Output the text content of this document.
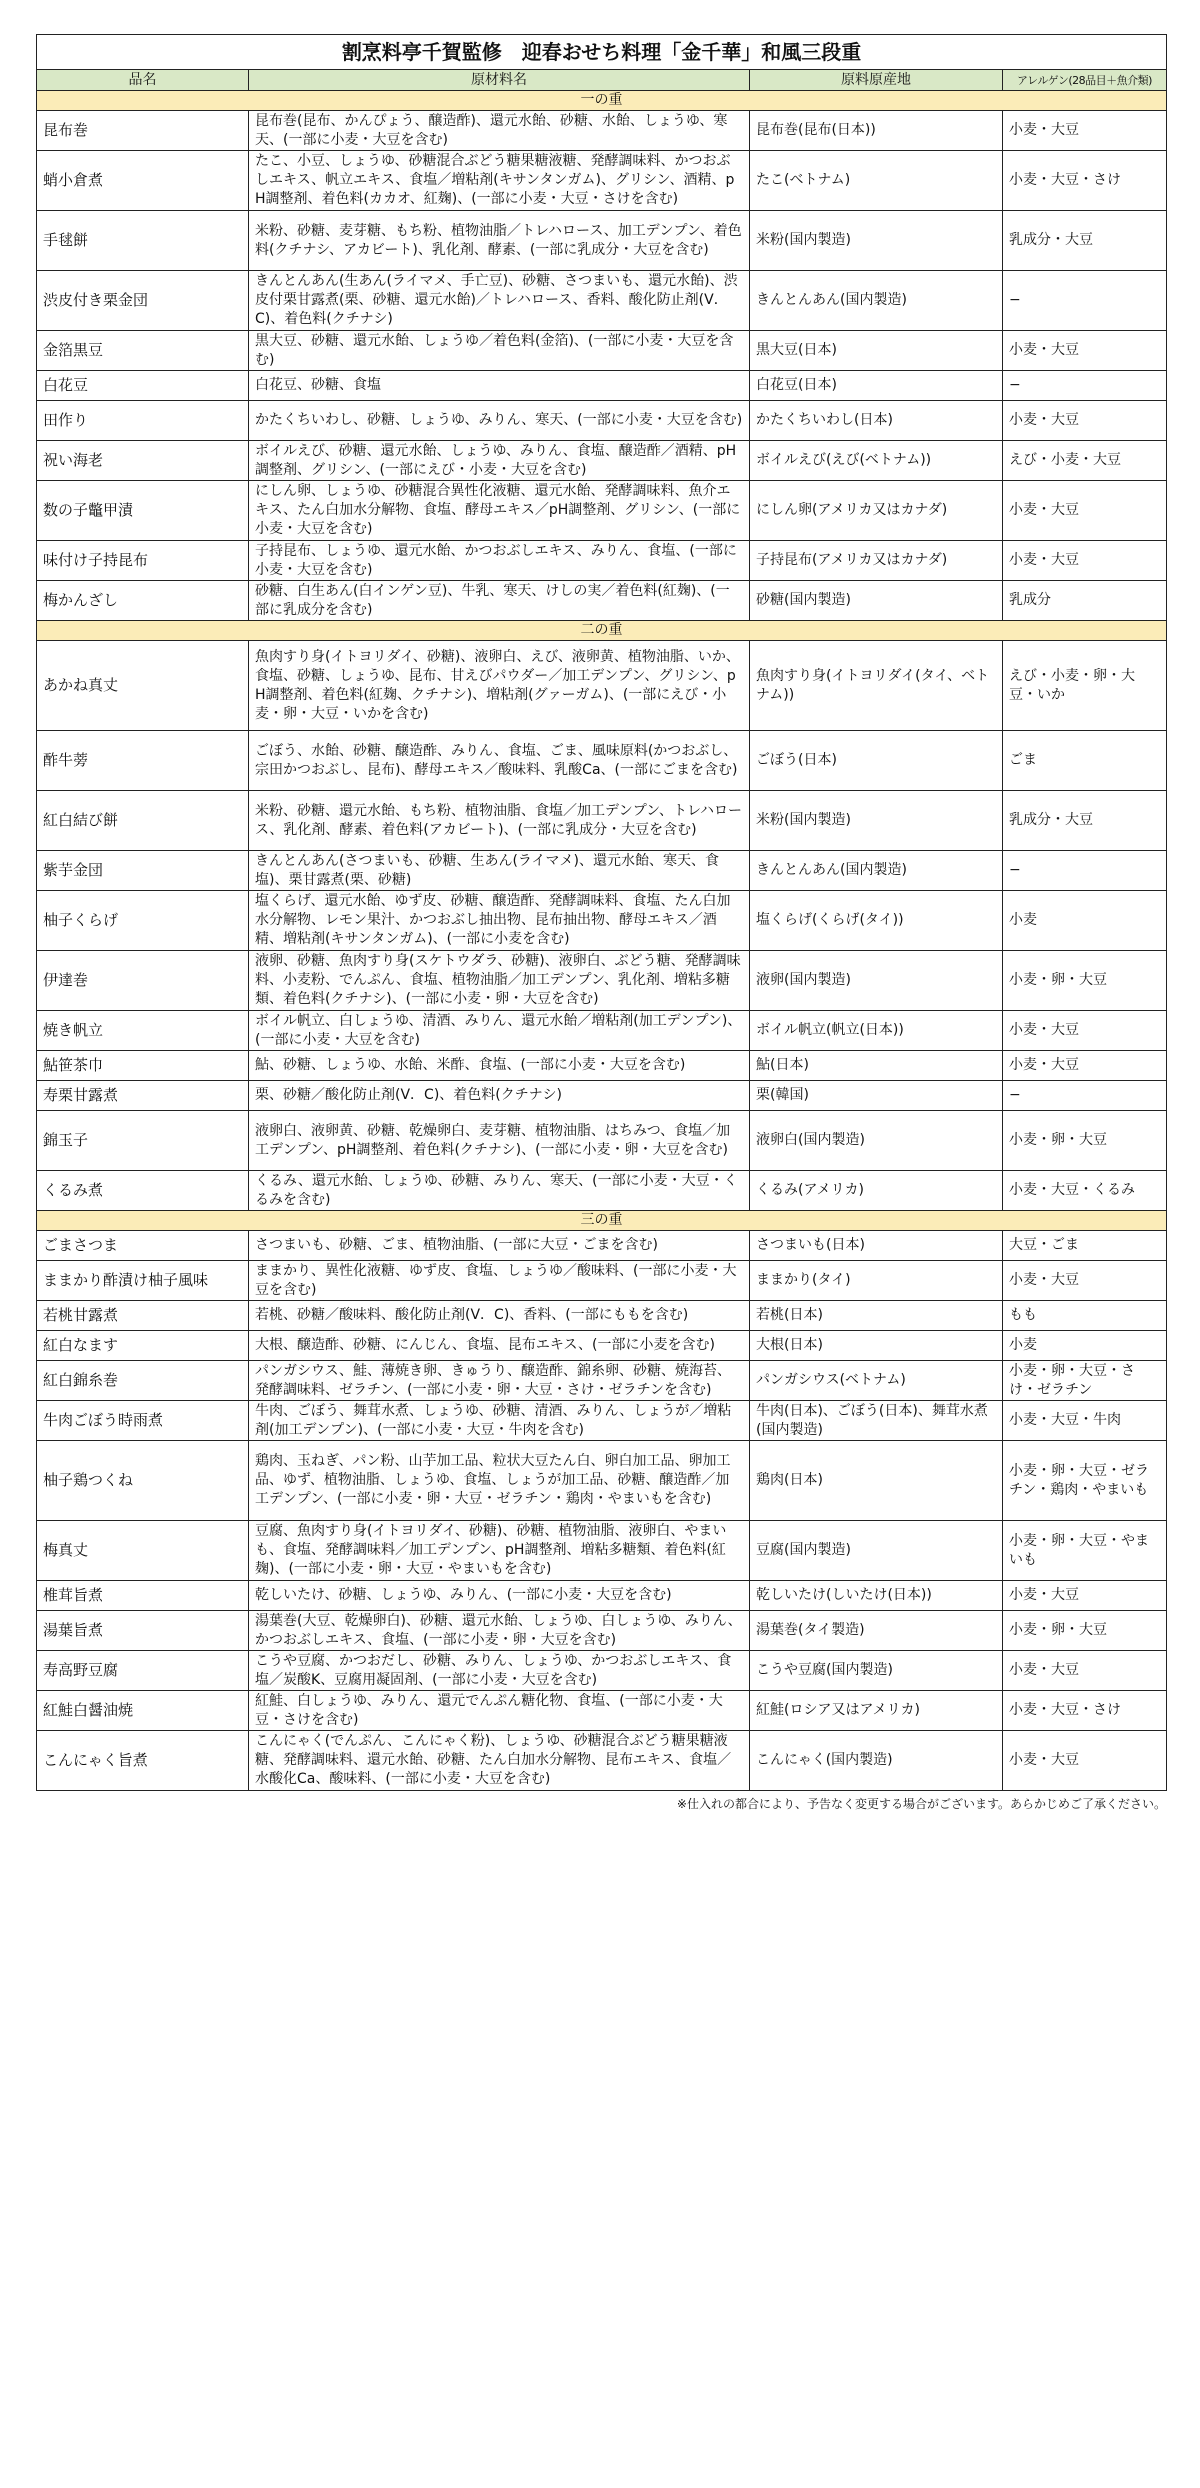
割烹料亭千賀監修　迎春おせち料理「金千華」和風三段重			
品名	原材料名	原料原産地	アレルゲン(28品目＋魚介類)
一の重			
昆布巻	昆布巻(昆布、かんぴょう、醸造酢)、還元水飴、砂糖、水飴、しょうゆ、寒天、(一部に小麦・大豆を含む)	昆布巻(昆布(日本))	小麦・大豆
蛸小倉煮	たこ、小豆、しょうゆ、砂糖混合ぶどう糖果糖液糖、発酵調味料、かつおぶしエキス、帆立エキス、食塩／増粘剤(キサンタンガム)、グリシン、酒精、pH調整剤、着色料(カカオ、紅麹)、(一部に小麦・大豆・さけを含む)	たこ(ベトナム)	小麦・大豆・さけ
手毬餅	米粉、砂糖、麦芽糖、もち粉、植物油脂／トレハロース、加工デンプン、着色料(クチナシ、アカビート)、乳化剤、酵素、(一部に乳成分・大豆を含む)	米粉(国内製造)	乳成分・大豆
渋皮付き栗金団	きんとんあん(生あん(ライマメ、手亡豆)、砂糖、さつまいも、還元水飴)、渋皮付栗甘露煮(栗、砂糖、還元水飴)／トレハロース、香料、酸化防止剤(V．C)、着色料(クチナシ)	きんとんあん(国内製造)	−
金箔黒豆	黒大豆、砂糖、還元水飴、しょうゆ／着色料(金箔)、(一部に小麦・大豆を含む)	黒大豆(日本)	小麦・大豆
白花豆	白花豆、砂糖、食塩	白花豆(日本)	−
田作り	かたくちいわし、砂糖、しょうゆ、みりん、寒天、(一部に小麦・大豆を含む)	かたくちいわし(日本)	小麦・大豆
祝い海老	ボイルえび、砂糖、還元水飴、しょうゆ、みりん、食塩、醸造酢／酒精、pH調整剤、グリシン、(一部にえび・小麦・大豆を含む)	ボイルえび(えび(ベトナム))	えび・小麦・大豆
数の子鼈甲漬	にしん卵、しょうゆ、砂糖混合異性化液糖、還元水飴、発酵調味料、魚介エキス、たん白加水分解物、食塩、酵母エキス／pH調整剤、グリシン、(一部に小麦・大豆を含む)	にしん卵(アメリカ又はカナダ)	小麦・大豆
味付け子持昆布	子持昆布、しょうゆ、還元水飴、かつおぶしエキス、みりん、食塩、(一部に小麦・大豆を含む)	子持昆布(アメリカ又はカナダ)	小麦・大豆
梅かんざし	砂糖、白生あん(白インゲン豆)、牛乳、寒天、けしの実／着色料(紅麹)、(一部に乳成分を含む)	砂糖(国内製造)	乳成分
二の重			
あかね真丈	魚肉すり身(イトヨリダイ、砂糖)、液卵白、えび、液卵黄、植物油脂、いか、食塩、砂糖、しょうゆ、昆布、甘えびパウダー／加工デンプン、グリシン、pH調整剤、着色料(紅麹、クチナシ)、増粘剤(グァーガム)、(一部にえび・小麦・卵・大豆・いかを含む)	魚肉すり身(イトヨリダイ(タイ、ベトナム))	えび・小麦・卵・大豆・いか
酢牛蒡	ごぼう、水飴、砂糖、醸造酢、みりん、食塩、ごま、風味原料(かつおぶし、宗田かつおぶし、昆布)、酵母エキス／酸味料、乳酸Ca、(一部にごまを含む)	ごぼう(日本)	ごま
紅白結び餅	米粉、砂糖、還元水飴、もち粉、植物油脂、食塩／加工デンプン、トレハロース、乳化剤、酵素、着色料(アカビート)、(一部に乳成分・大豆を含む)	米粉(国内製造)	乳成分・大豆
紫芋金団	きんとんあん(さつまいも、砂糖、生あん(ライマメ)、還元水飴、寒天、食塩)、栗甘露煮(栗、砂糖)	きんとんあん(国内製造)	−
柚子くらげ	塩くらげ、還元水飴、ゆず皮、砂糖、醸造酢、発酵調味料、食塩、たん白加水分解物、レモン果汁、かつおぶし抽出物、昆布抽出物、酵母エキス／酒精、増粘剤(キサンタンガム)、(一部に小麦を含む)	塩くらげ(くらげ(タイ))	小麦
伊達巻	液卵、砂糖、魚肉すり身(スケトウダラ、砂糖)、液卵白、ぶどう糖、発酵調味料、小麦粉、でんぷん、食塩、植物油脂／加工デンプン、乳化剤、増粘多糖類、着色料(クチナシ)、(一部に小麦・卵・大豆を含む)	液卵(国内製造)	小麦・卵・大豆
焼き帆立	ボイル帆立、白しょうゆ、清酒、みりん、還元水飴／増粘剤(加工デンプン)、(一部に小麦・大豆を含む)	ボイル帆立(帆立(日本))	小麦・大豆
鮎笹茶巾	鮎、砂糖、しょうゆ、水飴、米酢、食塩、(一部に小麦・大豆を含む)	鮎(日本)	小麦・大豆
寿栗甘露煮	栗、砂糖／酸化防止剤(V．C)、着色料(クチナシ)	栗(韓国)	−
錦玉子	液卵白、液卵黄、砂糖、乾燥卵白、麦芽糖、植物油脂、はちみつ、食塩／加工デンプン、pH調整剤、着色料(クチナシ)、(一部に小麦・卵・大豆を含む)	液卵白(国内製造)	小麦・卵・大豆
くるみ煮	くるみ、還元水飴、しょうゆ、砂糖、みりん、寒天、(一部に小麦・大豆・くるみを含む)	くるみ(アメリカ)	小麦・大豆・くるみ
三の重			
ごまさつま	さつまいも、砂糖、ごま、植物油脂、(一部に大豆・ごまを含む)	さつまいも(日本)	大豆・ごま
ままかり酢漬け柚子風味	ままかり、異性化液糖、ゆず皮、食塩、しょうゆ／酸味料、(一部に小麦・大豆を含む)	ままかり(タイ)	小麦・大豆
若桃甘露煮	若桃、砂糖／酸味料、酸化防止剤(V．C)、香料、(一部にももを含む)	若桃(日本)	もも
紅白なます	大根、醸造酢、砂糖、にんじん、食塩、昆布エキス、(一部に小麦を含む)	大根(日本)	小麦
紅白錦糸巻	パンガシウス、鮭、薄焼き卵、きゅうり、醸造酢、錦糸卵、砂糖、焼海苔、発酵調味料、ゼラチン、(一部に小麦・卵・大豆・さけ・ゼラチンを含む)	パンガシウス(ベトナム)	小麦・卵・大豆・さけ・ゼラチン
牛肉ごぼう時雨煮	牛肉、ごぼう、舞茸水煮、しょうゆ、砂糖、清酒、みりん、しょうが／増粘剤(加工デンプン)、(一部に小麦・大豆・牛肉を含む)	牛肉(日本)、ごぼう(日本)、舞茸水煮(国内製造)	小麦・大豆・牛肉
柚子鶏つくね	鶏肉、玉ねぎ、パン粉、山芋加工品、粒状大豆たん白、卵白加工品、卵加工品、ゆず、植物油脂、しょうゆ、食塩、しょうが加工品、砂糖、醸造酢／加工デンプン、(一部に小麦・卵・大豆・ゼラチン・鶏肉・やまいもを含む)	鶏肉(日本)	小麦・卵・大豆・ゼラチン・鶏肉・やまいも
梅真丈	豆腐、魚肉すり身(イトヨリダイ、砂糖)、砂糖、植物油脂、液卵白、やまいも、食塩、発酵調味料／加工デンプン、pH調整剤、増粘多糖類、着色料(紅麹)、(一部に小麦・卵・大豆・やまいもを含む)	豆腐(国内製造)	小麦・卵・大豆・やまいも
椎茸旨煮	乾しいたけ、砂糖、しょうゆ、みりん、(一部に小麦・大豆を含む)	乾しいたけ(しいたけ(日本))	小麦・大豆
湯葉旨煮	湯葉巻(大豆、乾燥卵白)、砂糖、還元水飴、しょうゆ、白しょうゆ、みりん、かつおぶしエキス、食塩、(一部に小麦・卵・大豆を含む)	湯葉巻(タイ製造)	小麦・卵・大豆
寿高野豆腐	こうや豆腐、かつおだし、砂糖、みりん、しょうゆ、かつおぶしエキス、食塩／炭酸K、豆腐用凝固剤、(一部に小麦・大豆を含む)	こうや豆腐(国内製造)	小麦・大豆
紅鮭白醤油焼	紅鮭、白しょうゆ、みりん、還元でんぷん糖化物、食塩、(一部に小麦・大豆・さけを含む)	紅鮭(ロシア又はアメリカ)	小麦・大豆・さけ
こんにゃく旨煮	こんにゃく(でんぷん、こんにゃく粉)、しょうゆ、砂糖混合ぶどう糖果糖液糖、発酵調味料、還元水飴、砂糖、たん白加水分解物、昆布エキス、食塩／水酸化Ca、酸味料、(一部に小麦・大豆を含む)	こんにゃく(国内製造)	小麦・大豆
※仕入れの都合により、予告なく変更する場合がございます。あらかじめご了承ください。
